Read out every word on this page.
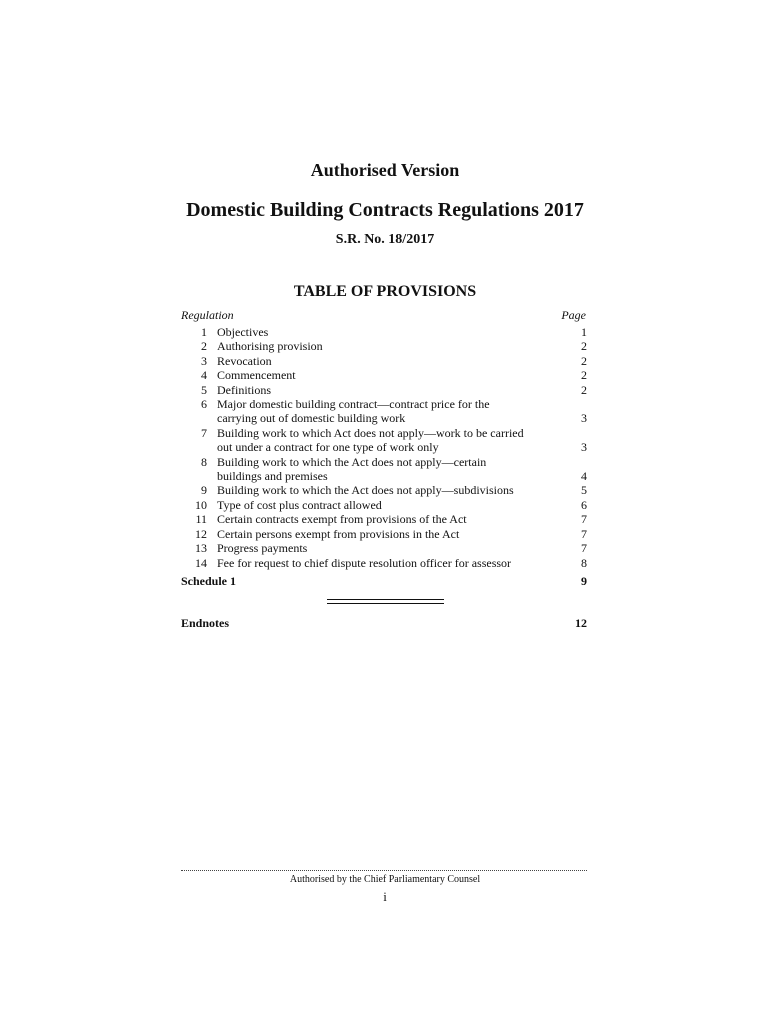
Authorised Version
Domestic Building Contracts Regulations 2017
S.R. No. 18/2017
TABLE OF PROVISIONS
Regulation	Page
1 Objectives	1
2 Authorising provision	2
3 Revocation	2
4 Commencement	2
5 Definitions	2
6 Major domestic building contract—contract price for the
carrying out of domestic building work	3
7 Building work to which Act does not apply—work to be carried
out under a contract for one type of work only	3
8 Building work to which the Act does not apply—certain
buildings and premises	4
9 Building work to which the Act does not apply—subdivisions	5
10 Type of cost plus contract allowed	6
11 Certain contracts exempt from provisions of the Act	7
12 Certain persons exempt from provisions in the Act	7
13 Progress payments	7
14 Fee for request to chief dispute resolution officer for assessor	8
Schedule 1	9
Endnotes	12
Authorised by the Chief Parliamentary Counsel
i
